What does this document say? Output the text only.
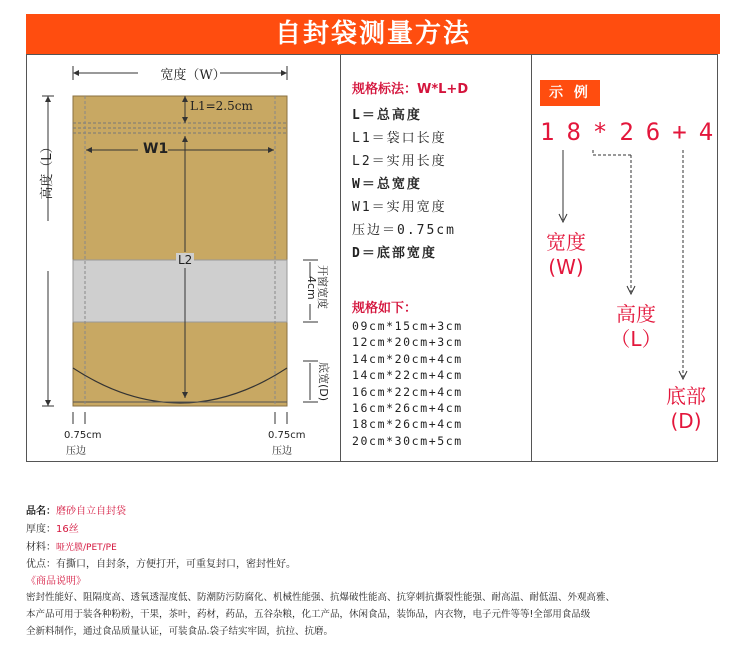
自封袋测量方法
宽度（W）
L1=2.5cm
W1
L2
高度（L）
开窗宽度
4cm
底宽(D)
0.75cm
压边
0.75cm
压边
规格标法：W*L+D
L＝总高度
L1＝袋口长度
L2＝实用长度
W＝总宽度
W1＝实用宽度
压边＝0.75cm
D＝底部宽度
规格如下：
09cm*15cm+3cm
12cm*20cm+3cm
14cm*20cm+4cm
14cm*22cm+4cm
16cm*22cm+4cm
16cm*26cm+4cm
18cm*26cm+4cm
20cm*30cm+5cm
示 例
18*26+4
宽度
(W)
高度
（L）
底部
(D)
品名：磨砂自立自封袋
厚度：16丝
材料：哑光膜/PET/PE
优点：有撕口，自封条，方便打开，可重复封口，密封性好。
《商品说明》
密封性能好、阻隔度高、透氧透湿度低、防潮防污防腐化、机械性能强、抗爆破性能高、抗穿刺抗撕裂性能强、耐高温、耐低温、外观高雅、
本产品可用于装各种粉粉，干果，茶叶，药材，药品，五谷杂粮，化工产品，休闲食品，装饰品，内衣物，电子元件等等!全部用食品级
全新料制作，通过食品质量认证，可装食品.袋子结实牢固，抗拉、抗磨。
